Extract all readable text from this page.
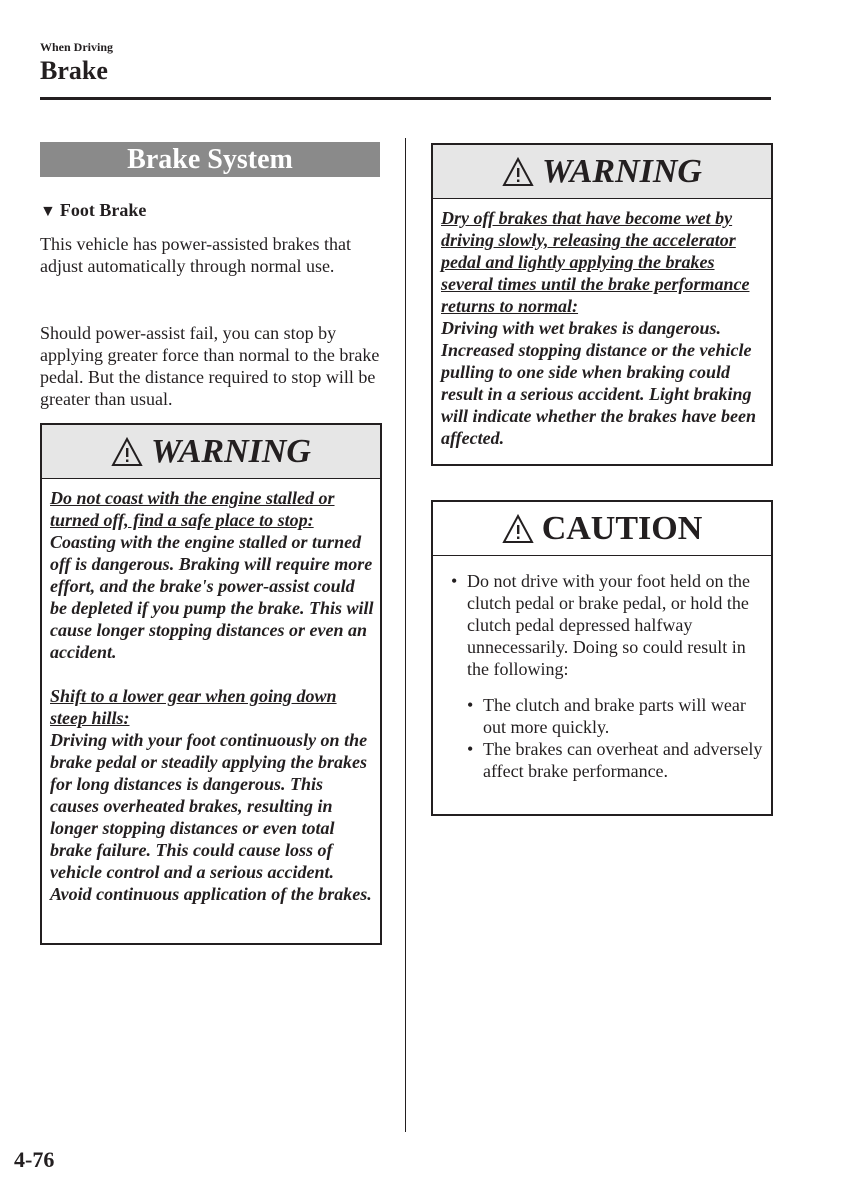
When Driving
Brake
Brake System
▼ Foot Brake

This vehicle has power-assisted brakes that adjust automatically through normal use.

Should power-assist fail, you can stop by applying greater force than normal to the brake pedal. But the distance required to stop will be greater than usual.

WARNING

Do not coast with the engine stalled or turned off, find a safe place to stop:

Coasting with the engine stalled or turned off is dangerous. Braking will require more effort, and the brake's power-assist could be depleted if you pump the brake. This will cause longer stopping distances or even an accident.

Shift to a lower gear when going down steep hills:

Driving with your foot continuously on the brake pedal or steadily applying the brakes for long distances is dangerous. This causes overheated brakes, resulting in longer stopping distances or even total brake failure. This could cause loss of vehicle control and a serious accident. Avoid continuous application of the brakes.

WARNING

Dry off brakes that have become wet by driving slowly, releasing the accelerator pedal and lightly applying the brakes several times until the brake performance returns to normal:

Driving with wet brakes is dangerous. Increased stopping distance or the vehicle pulling to one side when braking could result in a serious accident. Light braking will indicate whether the brakes have been affected.

CAUTION
• Do not drive with your foot held on the clutch pedal or brake pedal, or hold the clutch pedal depressed halfway unnecessarily. Doing so could result in the following:
• The clutch and brake parts will wear out more quickly.
• The brakes can overheat and adversely affect brake performance.
4-76
